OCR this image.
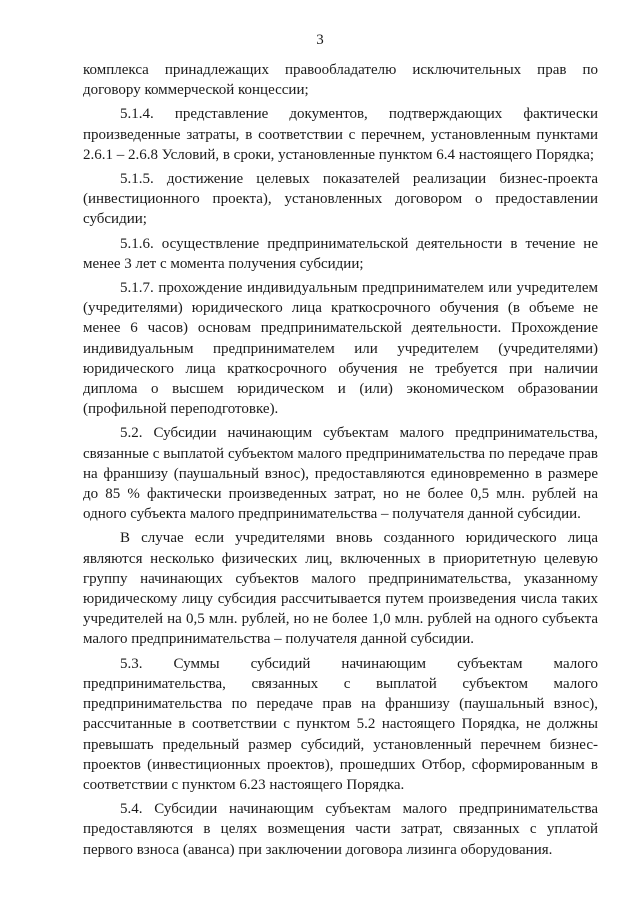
3

комплекса принадлежащих правообладателю исключительных прав по договору коммерческой концессии;

5.1.4. представление документов, подтверждающих фактически произведенные затраты, в соответствии с перечнем, установленным пунктами 2.6.1 – 2.6.8 Условий, в сроки, установленные пунктом 6.4 настоящего Порядка;

5.1.5. достижение целевых показателей реализации бизнес-проекта (инвестиционного проекта), установленных договором о предоставлении субсидии;

5.1.6. осуществление предпринимательской деятельности в течение не менее 3 лет с момента получения субсидии;

5.1.7. прохождение индивидуальным предпринимателем или учредителем (учредителями) юридического лица краткосрочного обучения (в объеме не менее 6 часов) основам предпринимательской деятельности. Прохождение индивидуальным предпринимателем или учредителем (учредителями) юридического лица краткосрочного обучения не требуется при наличии диплома о высшем юридическом и (или) экономическом образовании (профильной переподготовке).

5.2. Субсидии начинающим субъектам малого предпринимательства, связанные с выплатой субъектом малого предпринимательства по передаче прав на франшизу (паушальный взнос), предоставляются единовременно в размере до 85 % фактически произведенных затрат, но не более 0,5 млн. рублей на одного субъекта малого предпринимательства – получателя данной субсидии.

В случае если учредителями вновь созданного юридического лица являются несколько физических лиц, включенных в приоритетную целевую группу начинающих субъектов малого предпринимательства, указанному юридическому лицу субсидия рассчитывается путем произведения числа таких учредителей на 0,5 млн. рублей, но не более 1,0 млн. рублей на одного субъекта малого предпринимательства – получателя данной субсидии.

5.3. Суммы субсидий начинающим субъектам малого предпринимательства, связанных с выплатой субъектом малого предпринимательства по передаче прав на франшизу (паушальный взнос), рассчитанные в соответствии с пунктом 5.2 настоящего Порядка, не должны превышать предельный размер субсидий, установленный перечнем бизнес-проектов (инвестиционных проектов), прошедших Отбор, сформированным в соответствии с пунктом 6.23 настоящего Порядка.

5.4. Субсидии начинающим субъектам малого предпринимательства предоставляются в целях возмещения части затрат, связанных с уплатой первого взноса (аванса) при заключении договора лизинга оборудования.
